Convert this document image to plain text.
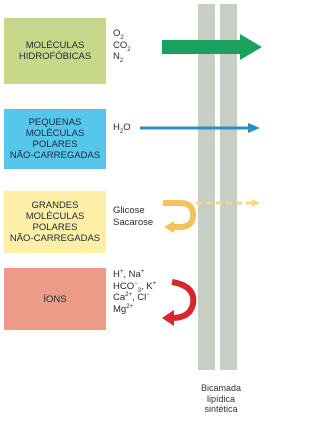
MOLÉCULAS
HIDROFÓBICAS
PEQUENAS
MOLÉCULAS
POLARES
NÃO-CARREGADAS
GRANDES
MOLÉCULAS
POLARES
NÃO-CARREGADAS
ÍONS
$O_2$
$CO_2$
$N_2$
$H_2O$
Glicose
Sacarose
H+, Na+
$HCO^-_3$, K+
$Ca^{2+}$, Cl−
$Mg^{2+}$
Bicamada
lipídica
sintética
